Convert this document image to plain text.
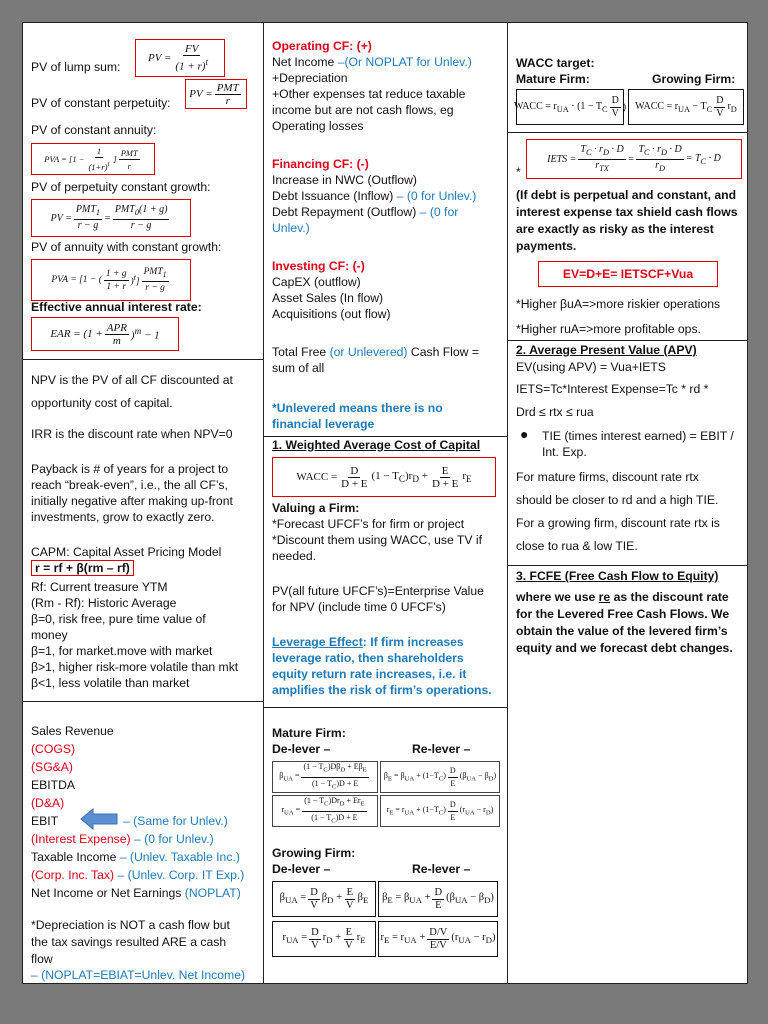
PV of lump sum:
PV = $\frac{FV}{(1 + r)^t}$
PV of constant perpetuity:
PV = $\frac{\text{PMT}}{r}$
PV of constant annuity:
PVA = [$1 - \frac{1}{(1+r)^t}$ ] $\frac{\text{PMT}}{r}$
PV of perpetuity constant growth:
PV = $\frac{PMT_1}{r - g} = \frac{PMT_0(1 + g)}{r - g}$
PV of annuity with constant growth:
PVA = [1 − ( $\frac{1 + g}{1 + r} )^t] \frac{PMT_1}{r - g}$
Effective annual interest rate:
EAR = $(1 + \frac{\text{APR}}{m} )^m - 1$
NPV is the PV of all CF discounted at
opportunity cost of capital.
IRR is the discount rate when NPV=0
Payback is # of years for a project to
reach “break-even”, i.e., the all CF’s,
initially negative after making up-front
investments, grow to exactly zero.
CAPM: Capital Asset Pricing Model
r = rf + β(rm – rf)
Rf: Current treasure YTM
(Rm - Rf): Historic Average
β=0, risk free, pure time value of
money
β=1, for market.move with market
β>1, higher risk-more volatile than mkt
β<1, less volatile than market
Sales Revenue
(COGS)
(SG&A)
EBITDA
(D&A)
EBIT	– (Same for Unlev.)
(Interest Expense) – (0 for Unlev.)
Taxable Income – (Unlev. Taxable Inc.)
(Corp. Inc. Tax) – (Unlev. Corp. IT Exp.)
Net Income or Net Earnings (NOPLAT)
*Depreciation is NOT a cash flow but
the tax savings resulted ARE a cash
flow
– (NOPLAT=EBIAT=Unlev. Net Income)
Operating CF: (+)
Net Income –(Or NOPLAT for Unlev.)
+Depreciation
+Other expenses tat reduce taxable
income but are not cash flows, eg
Operating losses
Financing CF: (-)
Increase in NWC (Outflow)
Debt Issuance (Inflow) – (0 for Unlev.)
Debt Repayment (Outflow) – (0 for
Unlev.)
Investing CF: (-)
CapEX (outflow)
Asset Sales (In flow)
Acquisitions (out flow)
Total Free (or Unlevered) Cash Flow =
sum of all
*Unlevered means there is no
financial leverage
1. Weighted Average Cost of Capital
WACC = $\frac{D}{D + E} (1 - T_C)r_D + \frac{E}{D + E} r_E$
Valuing a Firm:
*Forecast UFCF’s for firm or project
*Discount them using WACC, use TV if
needed.
PV(all future UFCF’s)=Enterprise Value
for NPV (include time 0 UFCF’s)
Leverage Effect: If firm increases
leverage ratio, then shareholders
equity return rate increases, i.e. it
amplifies the risk of firm’s operations.
Mature Firm:
De-lever –	Re-lever –
$\beta_{UA} = \frac{(1 - T_C)D\beta_D + E\beta_E}{(1 - T_C)D + E} \beta_E = \beta_{UA} + (1-T_C) \frac{D}{E} (\beta_{UA} - \beta_D)$
$r_{UA} = \frac{(1 - T_C)Dr_D + Er_E}{(1 - T_C)D + E}$	$r_E = r_{UA} + (1-T_C) \frac{D}{E} (r_{UA} - r_D)$
Growing Firm:
De-lever –	Re-lever –
$\beta_{UA} = \frac{D}{V} \beta_D + \frac{E}{V} \beta_E$ $\beta_E = \beta_{UA} + \frac{D}{E} (\beta_{UA} - \beta_D)$
$r_{UA} = \frac{D}{V} r_D + \frac{E}{V} r_E$ $r_E = r_{UA} + \frac{D/V}{E/V} (r_{UA} - r_D)$
WACC target:
Mature Firm:	Growing Firm:
WACC = $r_{UA} \cdot (1 - T_C \frac{D}{V}$ ) WACC = $r_{UA} - T_C \frac{D}{V} r_D$
*
IETS = $\frac{T_C \cdot r_D \cdot D}{r_{TX}} = \frac{T_C \cdot r_D \cdot D}{r_D} = T_C \cdot D$
(If debt is perpetual and constant, and
interest expense tax shield cash flows
are exactly as risky as the interest
payments.
EV=D+E= IETSCF+Vua
*Higher βuA=>more riskier operations
*Higher ruA=>more profitable ops.
2. Average Present Value (APV)
EV(using APV) = Vua+IETS
IETS=Tc*Interest Expense=Tc * rd *
Drd ≤ rtx ≤ rua
● TIE (times interest earned) = EBIT /
Int. Exp.
For mature firms, discount rate rtx
should be closer to rd and a high TIE.
For a growing firm, discount rate rtx is
close to rua & low TIE.
3. FCFE (Free Cash Flow to Equity)
where we use re as the discount rate
for the Levered Free Cash Flows. We
obtain the value of the levered firm’s
equity and we forecast debt changes.
